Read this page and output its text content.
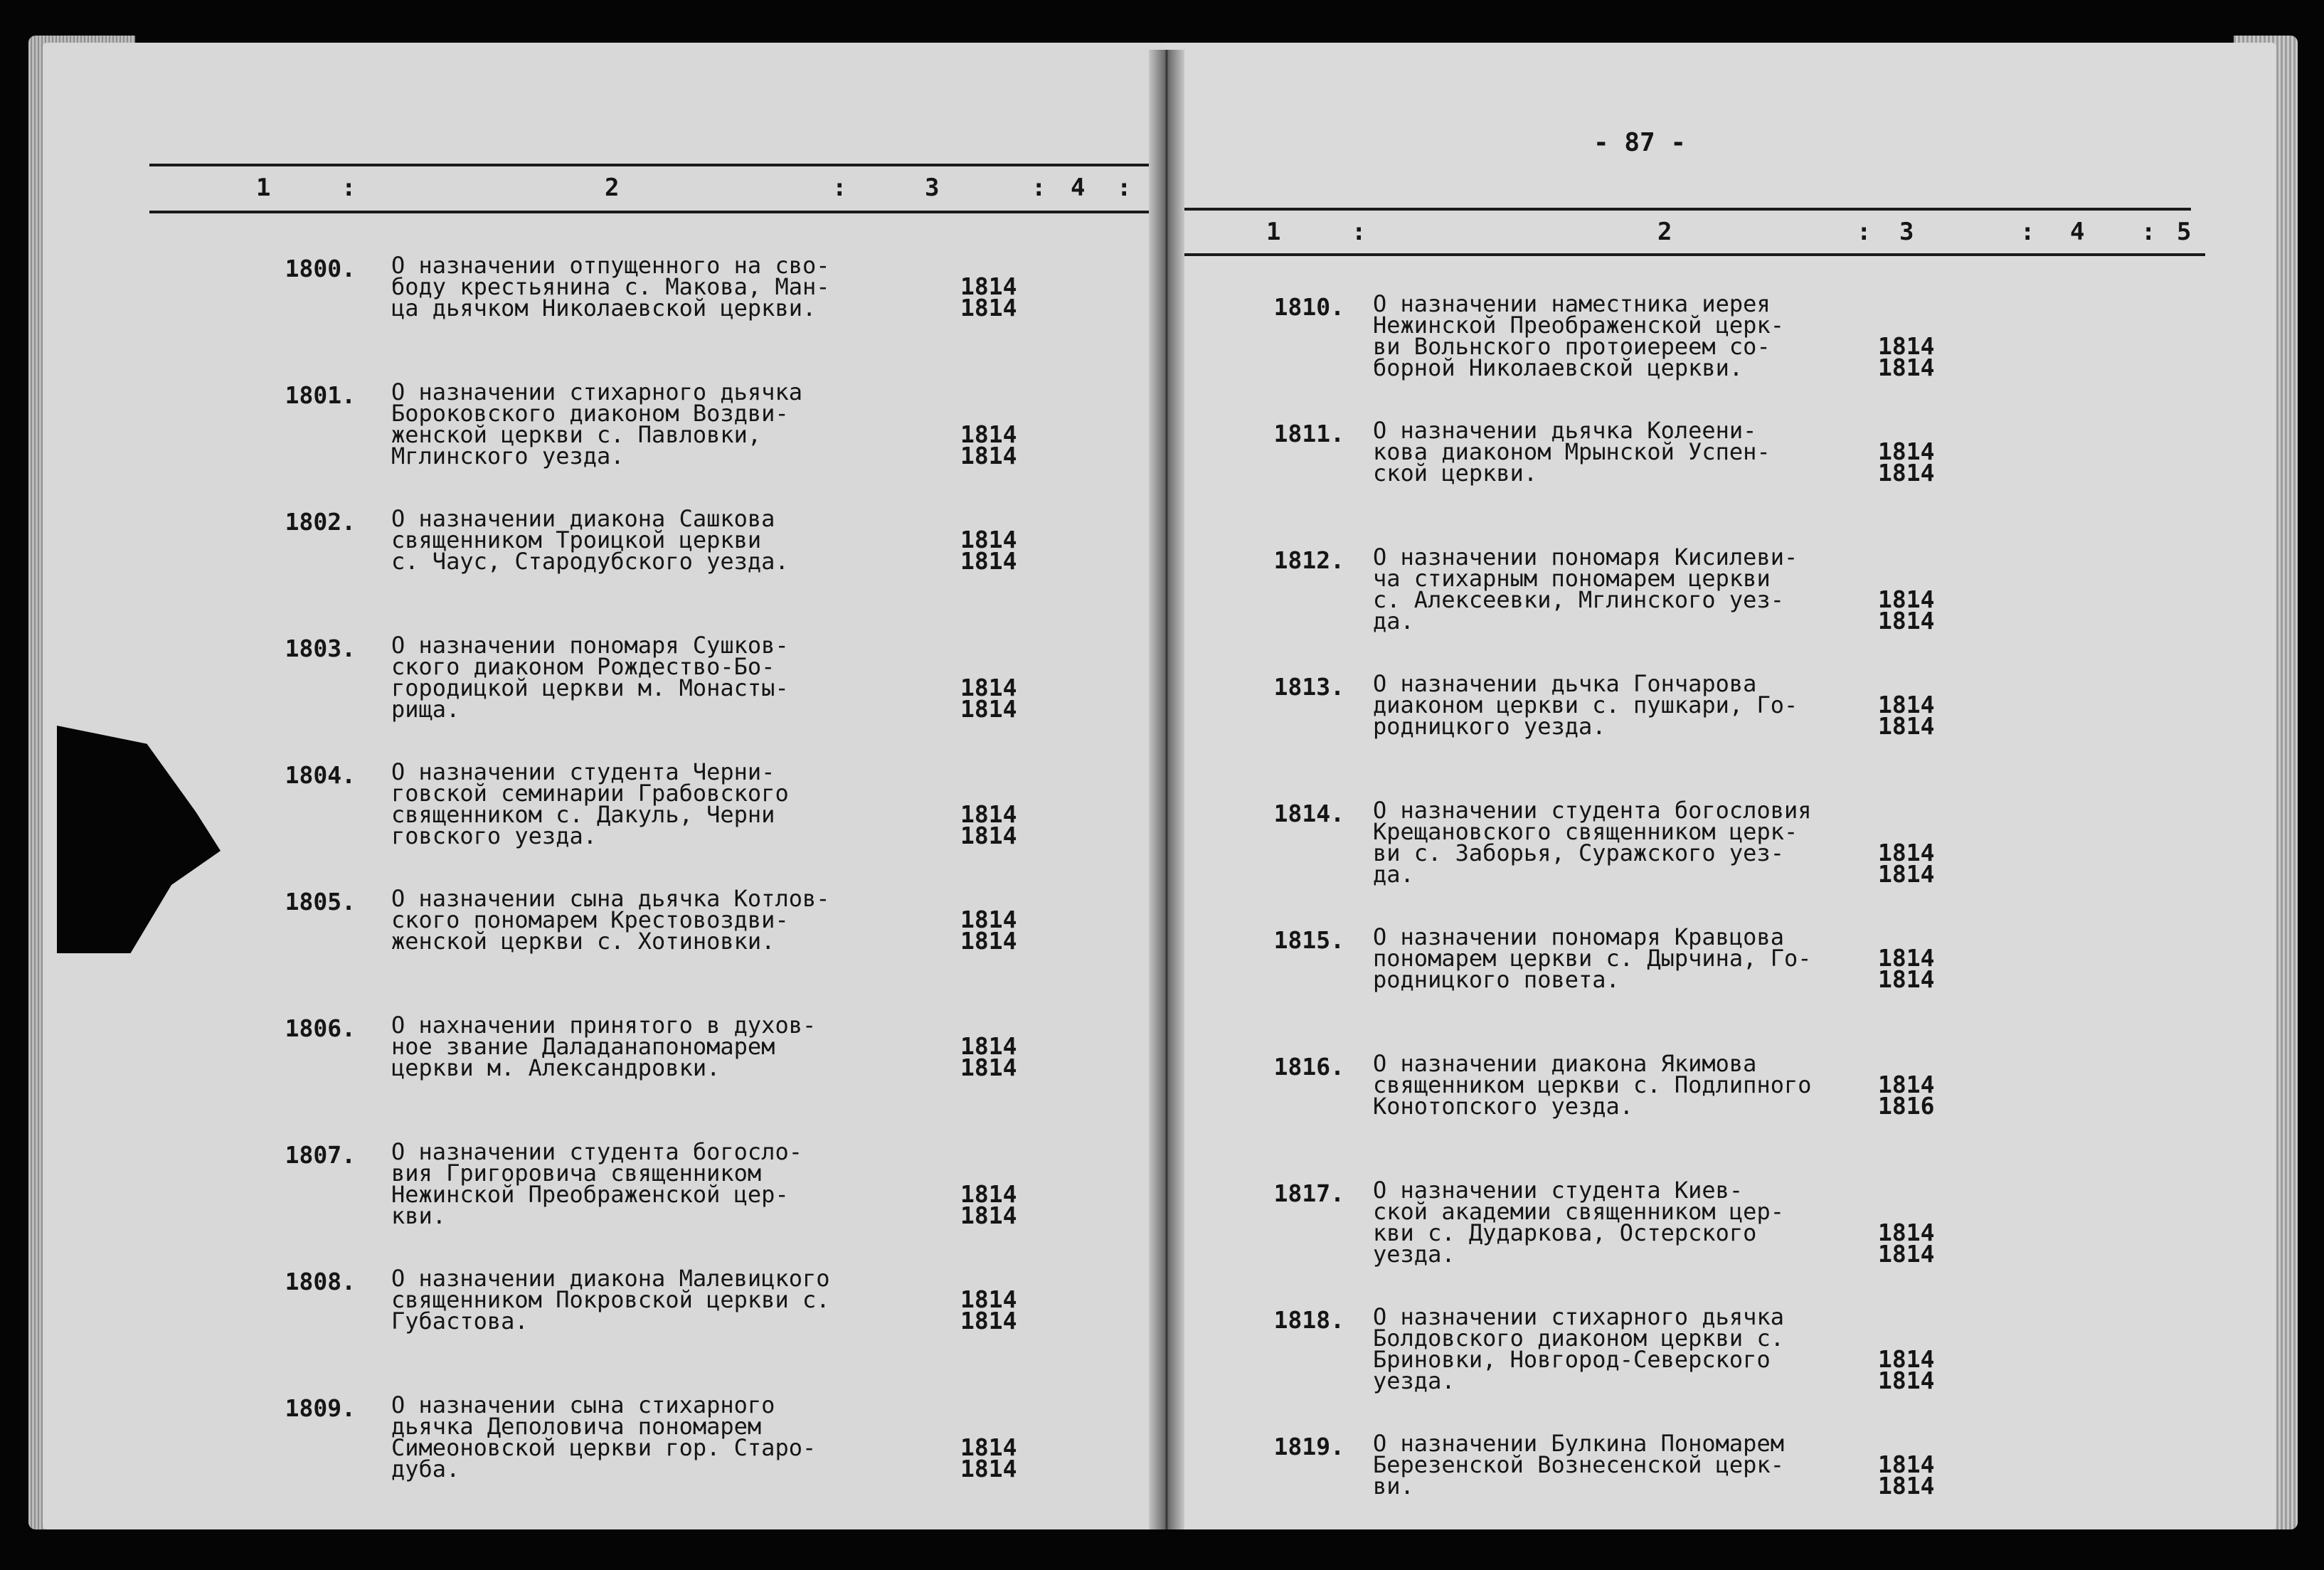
1	:	2	:	3	: 4 :
1800. О назначении отпущенного на сво-
боду крестьянина с. Макова, Ман-
ца дьячком Николаевской церкви.
1814
1814
1801. О назначении стихарного дьячка
Бороковского диаконом Воздви-
женской церкви с. Павловки,
Мглинского уезда.
1814
1814
1802. О назначении диакона Сашкова
священником Троицкой церкви
с. Чаус, Стародубского уезда.
1814
1814
1803. О назначении пономаря Сушков-
ского диаконом Рождество-Бо-
городицкой церкви м. Монасты-
рища.
1814
1814
1804. О назначении студента Черни-
говской семинарии Грабовского
священником с. Дакуль, Черни
говского уезда.
1814
1814
1805. О назначении сына дьячка Котлов-
ского пономарем Крестовоздви-
женской церкви с. Хотиновки.
1814
1814
1806. О нахначении принятого в духов-
ное звание Даладанапономарем
церкви м. Александровки.
1814
1814
1807. О назначении студента богосло-
вия Григоровича священником
Нежинской Преображенской цер-
кви.
1814
1814
1808. О назначении диакона Малевицкого
священником Покровской церкви с.
Губастова.
1814
1814
1809. О назначении сына стихарного
дьячка Деполовича пономарем
Симеоновской церкви гор. Старо-
дуба.
1814
1814
- 87 -
1	:	2	: 3	: 4 : 5
1810. О назначении наместника иерея
Нежинской Преображенской церк-
ви Вольнского протоиереем со-
борной Николаевской церкви.
1814
1814
1811. О назначении дьячка Колеени-
кова диаконом Мрынской Успен-
ской церкви.
1814
1814
1812. О назначении пономаря Кисилеви-
ча стихарным пономарем церкви
с. Алексеевки, Мглинского уез-
да.
1814
1814
1813. О назначении дьчка Гончарова
диаконом церкви с. пушкари, Го-
родницкого уезда.
1814
1814
1814. О назначении студента богословия
Крещановского священником церк-
ви с. Заборья, Суражского уез-
да.
1814
1814
1815. О назначении пономаря Кравцова
пономарем церкви с. Дырчина, Го-
родницкого повета.
1814
1814
1816. О назначении диакона Якимова
священником церкви с. Подлипного
Конотопского уезда.
1814
1816
1817. О назначении студента Киев-
ской академии священником цер-
кви с. Дударкова, Остерского
уезда.
1814
1814
1818. О назначении стихарного дьячка
Болдовского диаконом церкви с.
Бриновки, Новгород-Северского
уезда.
1814
1814
1819. О назначении Булкина Пономарем
Березенской Вознесенской церк-
ви.
1814
1814
